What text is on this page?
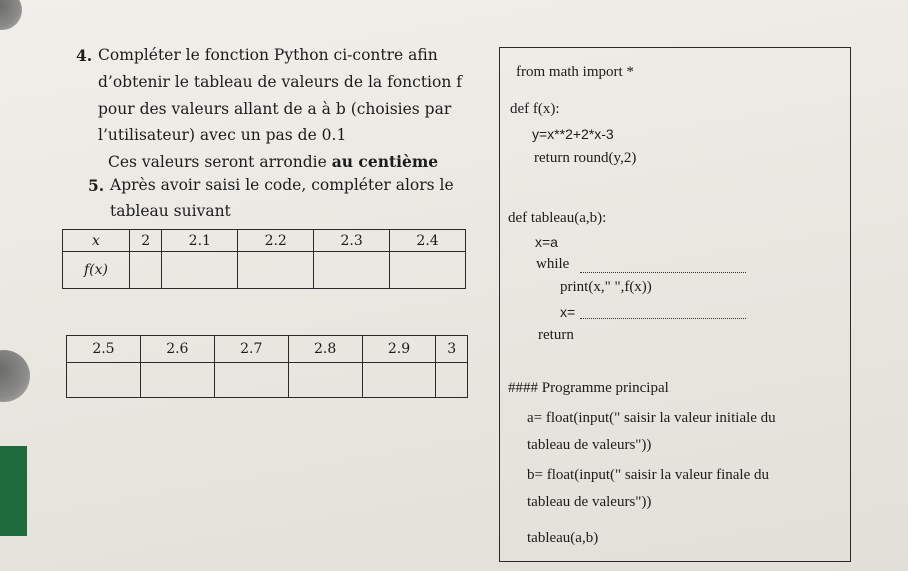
4. Compléter le fonction Python ci-contre afin
d’obtenir le tableau de valeurs de la fonction f
pour des valeurs allant de a à b (choisies par
l’utilisateur) avec un pas de 0.1
Ces valeurs seront arrondie au centième
5. Après avoir saisi le code, compléter alors le
tableau suivant
x	2	2.1	2.2	2.3	2.4
f(x)					
2.5	2.6	2.7	2.8	2.9	3

from math import *
def f(x):
y=x**2+2*x-3
return round(y,2)
def tableau(a,b):
x=a
while
print(x," ",f(x))
x=
return
#### Programme principal
a= float(input(" saisir la valeur initiale du
tableau de valeurs"))
b= float(input(" saisir la valeur finale du
tableau de valeurs"))
tableau(a,b)
